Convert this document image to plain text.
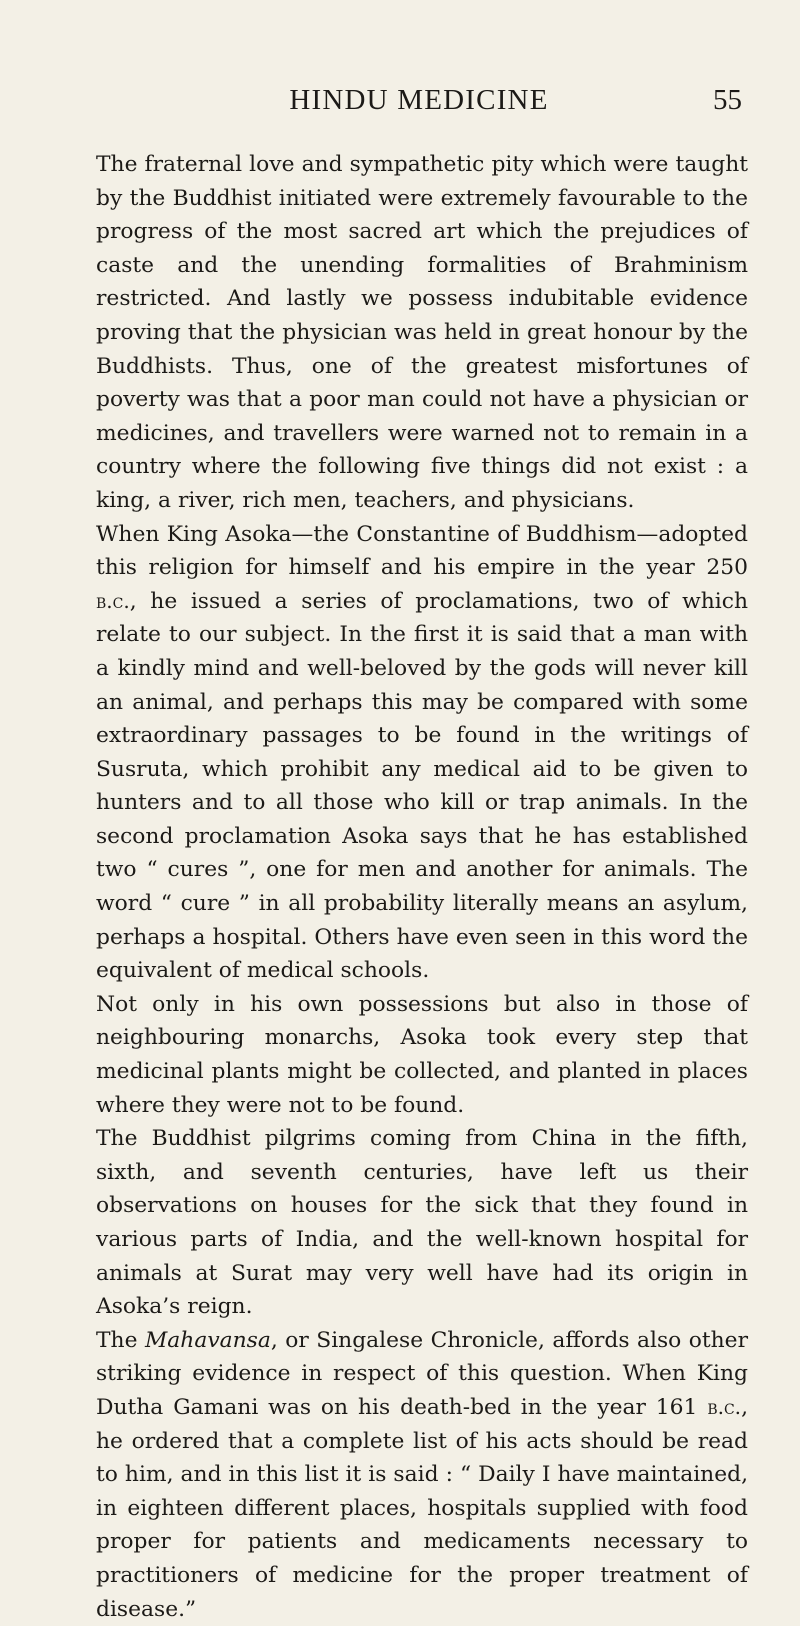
HINDU MEDICINE	55

The fraternal love and sympathetic pity which were taught by the Buddhist initiated were extremely favourable to the progress of the most sacred art which the prejudices of caste and the unending formalities of Brahminism restricted. And lastly we possess indubitable evidence proving that the physician was held in great honour by the Buddhists. Thus, one of the greatest misfortunes of poverty was that a poor man could not have a physician or medicines, and travellers were warned not to remain in a country where the following five things did not exist : a king, a river, rich men, teachers, and physicians.

When King Asoka—the Constantine of Buddhism—adopted this religion for himself and his empire in the year 250 b.c., he issued a series of proclamations, two of which relate to our subject. In the first it is said that a man with a kindly mind and well-beloved by the gods will never kill an animal, and perhaps this may be compared with some extraordinary passages to be found in the writings of Susruta, which prohibit any medical aid to be given to hunters and to all those who kill or trap animals. In the second proclamation Asoka says that he has established two “ cures ”, one for men and another for animals. The word “ cure ” in all probability literally means an asylum, perhaps a hospital. Others have even seen in this word the equivalent of medical schools.

Not only in his own possessions but also in those of neighbouring monarchs, Asoka took every step that medicinal plants might be collected, and planted in places where they were not to be found.

The Buddhist pilgrims coming from China in the fifth, sixth, and seventh centuries, have left us their observations on houses for the sick that they found in various parts of India, and the well-known hospital for animals at Surat may very well have had its origin in Asoka’s reign.

The Mahavansa, or Singalese Chronicle, affords also other striking evidence in respect of this question. When King Dutha Gamani was on his death-bed in the year 161 b.c., he ordered that a complete list of his acts should be read to him, and in this list it is said : “ Daily I have maintained, in eighteen different places, hospitals supplied with food proper for patients and medicaments necessary to practitioners of medicine for the proper treatment of disease.”
